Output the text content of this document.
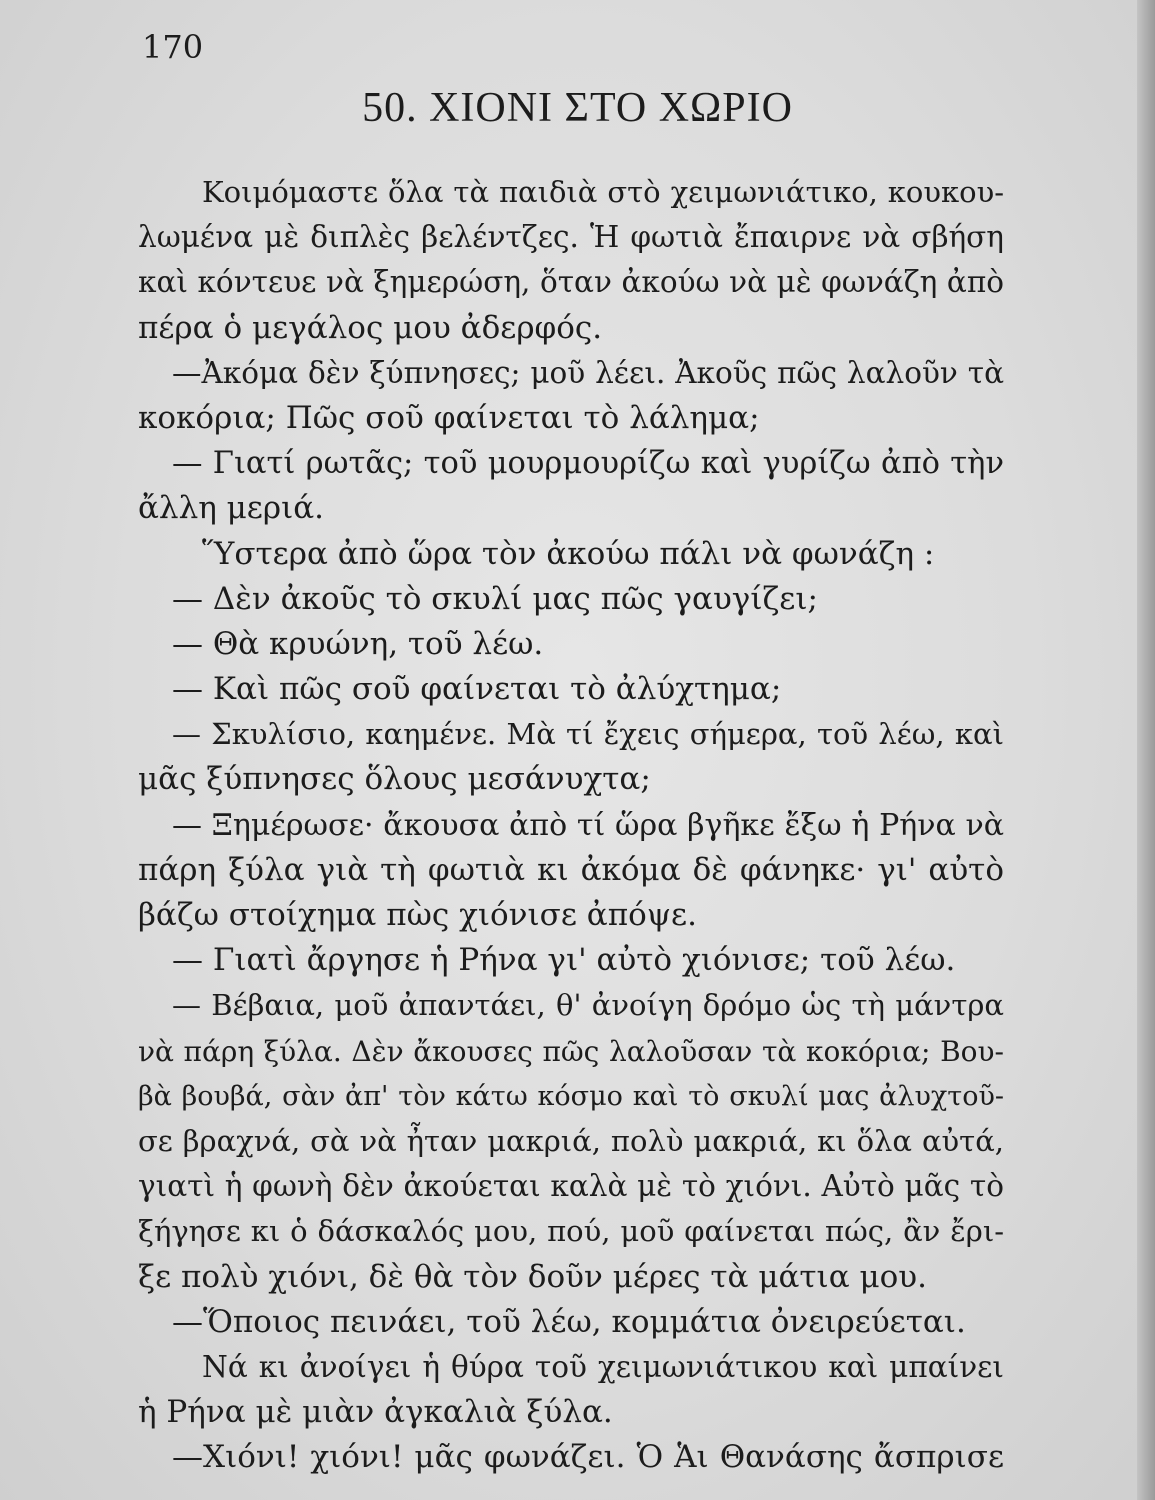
170
50. ΧΙΟΝΙ ΣΤΟ ΧΩΡΙΟ
Κοιμόμαστε ὅλα τὰ παιδιὰ στὸ χειμωνιάτικο, κουκου-
λωμένα μὲ διπλὲς βελέντζες. Ἡ φωτιὰ ἔπαιρνε νὰ σβήση
καὶ κόντευε νὰ ξημερώση, ὅταν ἀκούω νὰ μὲ φωνάζη ἀπὸ
πέρα ὁ μεγάλος μου ἀδερφός.
—Ἀκόμα δὲν ξύπνησες; μοῦ λέει. Ἀκοῦς πῶς λαλοῦν τὰ
κοκόρια; Πῶς σοῦ φαίνεται τὸ λάλημα;
— Γιατί ρωτᾶς; τοῦ μουρμουρίζω καὶ γυρίζω ἀπὸ τὴν
ἄλλη μεριά.
Ὕστερα ἀπὸ ὥρα τὸν ἀκούω πάλι νὰ φωνάζη :
— Δὲν ἀκοῦς τὸ σκυλί μας πῶς γαυγίζει;
— Θὰ κρυώνη, τοῦ λέω.
— Καὶ πῶς σοῦ φαίνεται τὸ ἀλύχτημα;
— Σκυλίσιο, καημένε. Μὰ τί ἔχεις σήμερα, τοῦ λέω, καὶ
μᾶς ξύπνησες ὅλους μεσάνυχτα;
— Ξημέρωσε· ἄκουσα ἀπὸ τί ὥρα βγῆκε ἔξω ἡ Ρήνα νὰ
πάρη ξύλα γιὰ τὴ φωτιὰ κι ἀκόμα δὲ φάνηκε· γι' αὐτὸ
βάζω στοίχημα πὼς χιόνισε ἀπόψε.
— Γιατὶ ἄργησε ἡ Ρήνα γι' αὐτὸ χιόνισε; τοῦ λέω.
— Βέβαια, μοῦ ἀπαντάει, θ' ἀνοίγη δρόμο ὡς τὴ μάντρα
νὰ πάρη ξύλα. Δὲν ἄκουσες πῶς λαλοῦσαν τὰ κοκόρια; Βου-
βὰ βουβά, σὰν ἀπ' τὸν κάτω κόσμο καὶ τὸ σκυλί μας ἀλυχτοῦ-
σε βραχνά, σὰ νὰ ἦταν μακριά, πολὺ μακριά, κι ὅλα αὐτά,
γιατὶ ἡ φωνὴ δὲν ἀκούεται καλὰ μὲ τὸ χιόνι. Αὐτὸ μᾶς τὸ
ξήγησε κι ὁ δάσκαλός μου, πού, μοῦ φαίνεται πώς, ἂν ἔρι-
ξε πολὺ χιόνι, δὲ θὰ τὸν δοῦν μέρες τὰ μάτια μου.
—Ὅποιος πεινάει, τοῦ λέω, κομμάτια ὀνειρεύεται.
Νά κι ἀνοίγει ἡ θύρα τοῦ χειμωνιάτικου καὶ μπαίνει
ἡ Ρήνα μὲ μιὰν ἀγκαλιὰ ξύλα.
—Χιόνι! χιόνι! μᾶς φωνάζει. Ὁ Ἁι Θανάσης ἄσπρισε
